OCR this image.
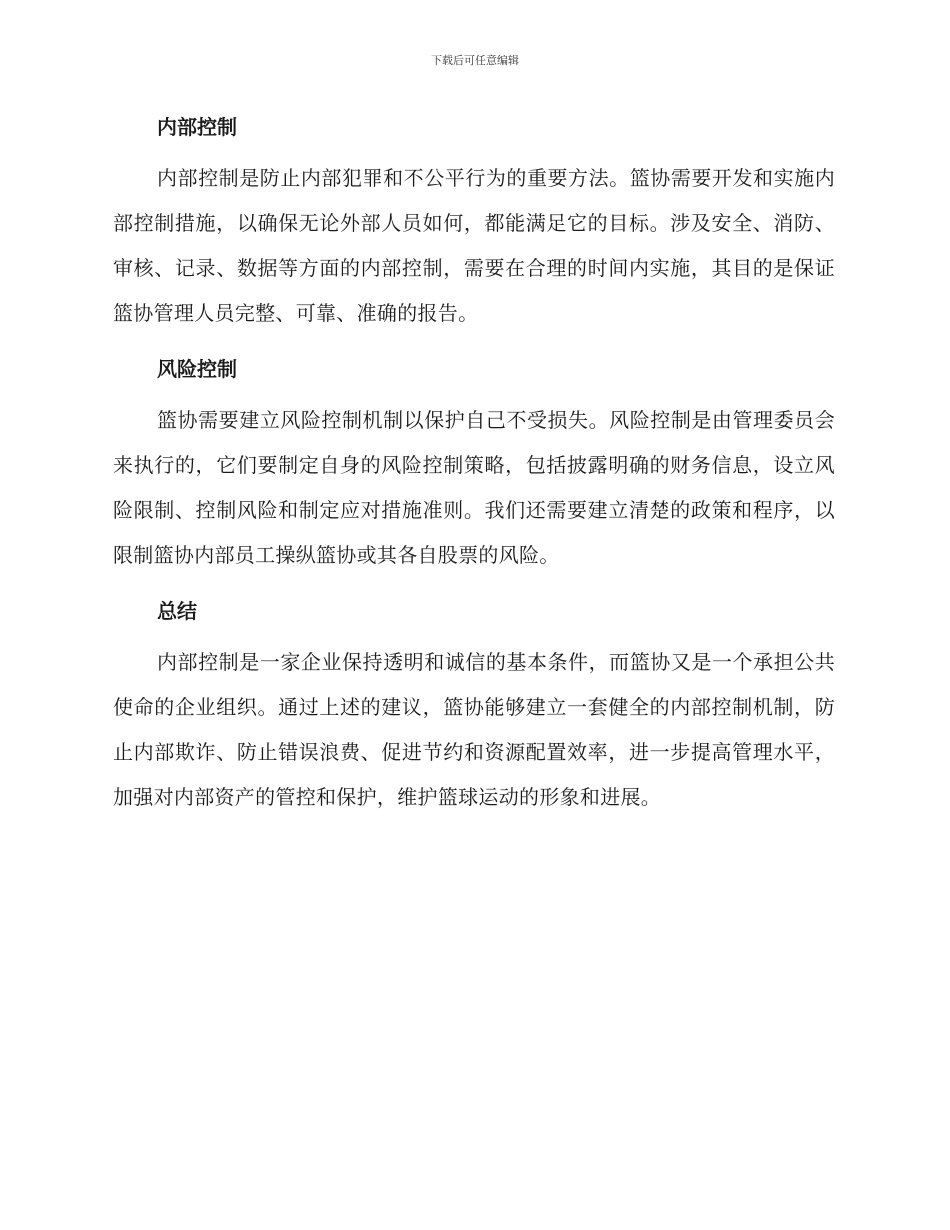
下载后可任意编辑
内部控制

内部控制是防止内部犯罪和不公平行为的重要方法。篮协需要开发和实施内部控制措施，以确保无论外部人员如何，都能满足它的目标。涉及安全、消防、审核、记录、数据等方面的内部控制，需要在合理的时间内实施，其目的是保证篮协管理人员完整、可靠、准确的报告。

风险控制

篮协需要建立风险控制机制以保护自己不受损失。风险控制是由管理委员会来执行的，它们要制定自身的风险控制策略，包括披露明确的财务信息，设立风险限制、控制风险和制定应对措施准则。我们还需要建立清楚的政策和程序，以限制篮协内部员工操纵篮协或其各自股票的风险。

总结

内部控制是一家企业保持透明和诚信的基本条件，而篮协又是一个承担公共使命的企业组织。通过上述的建议，篮协能够建立一套健全的内部控制机制，防止内部欺诈、防止错误浪费、促进节约和资源配置效率，进一步提高管理水平，加强对内部资产的管控和保护，维护篮球运动的形象和进展。
